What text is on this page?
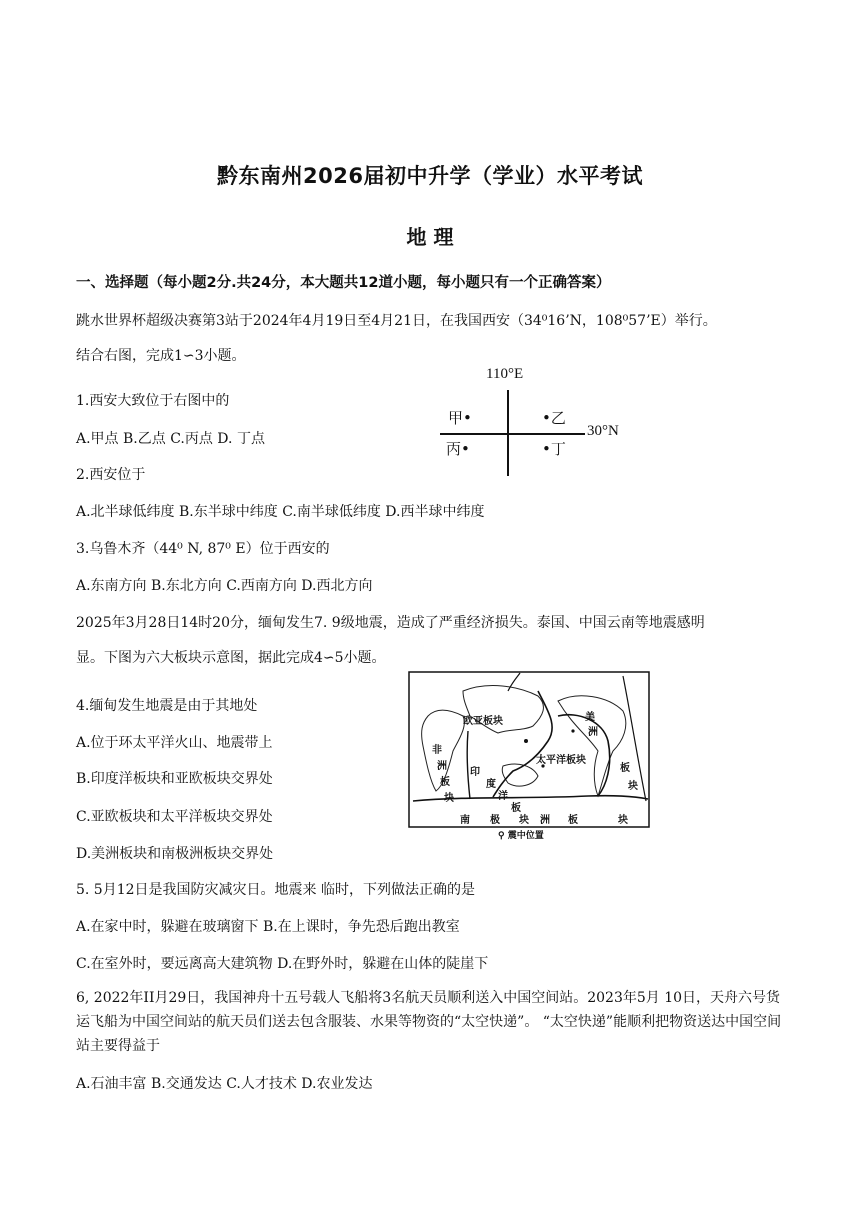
黔东南州2026届初中升学（学业）水平考试
地 理
一、选择题（每小题2分.共24分，本大题共12道小题，每小题只有一个正确答案）
跳水世界杯超级决赛第3站于2024年4月19日至4月21日，在我国西安（34⁰16’N，108⁰57’E）举行。
结合右图，完成1∽3小题。
110°E
30°N
甲•	•乙
丙•	•丁
1.西安大致位于右图中的
A.甲点 B.乙点 C.丙点 D. 丁点
2.西安位于
A.北半球低纬度 B.东半球中纬度 C.南半球低纬度 D.西半球中纬度
3.乌鲁木齐（44⁰ N, 87⁰ E）位于西安的
A.东南方向 B.东北方向 C.西南方向 D.西北方向
2025年3月28日14时20分，缅甸发生7. 9级地震，造成了严重经济损失。泰国、中国云南等地震感明
显。下图为六大板块示意图，据此完成4∽5小题。
欧亚板块
太平洋板块
非
洲
板
块
印
度
洋
板
块
美
洲
板
块
南 极	洲 板	块
⚲ 震中位置
4.缅甸发生地震是由于其地处
A.位于环太平洋火山、地震带上
B.印度洋板块和亚欧板块交界处
C.亚欧板块和太平洋板块交界处
D.美洲板块和南极洲板块交界处
5. 5月12日是我国防灾减灾日。地震来 临时，下列做法正确的是
A.在家中时，躲避在玻璃窗下 B.在上课时，争先恐后跑出教室
C.在室外时，要远离高大建筑物 D.在野外时，躲避在山体的陡崖下
6, 2022年II月29日，我国神舟十五号载人飞船将3名航天员顺利送入中国空间站。2023年5月 10日，天舟六号货运飞船为中国空间站的航天员们送去包含服装、水果等物资的“太空快递”。 “太空快递”能顺利把物资送达中国空间站主要得益于
A.石油丰富 B.交通发达 C.人才技术 D.农业发达
